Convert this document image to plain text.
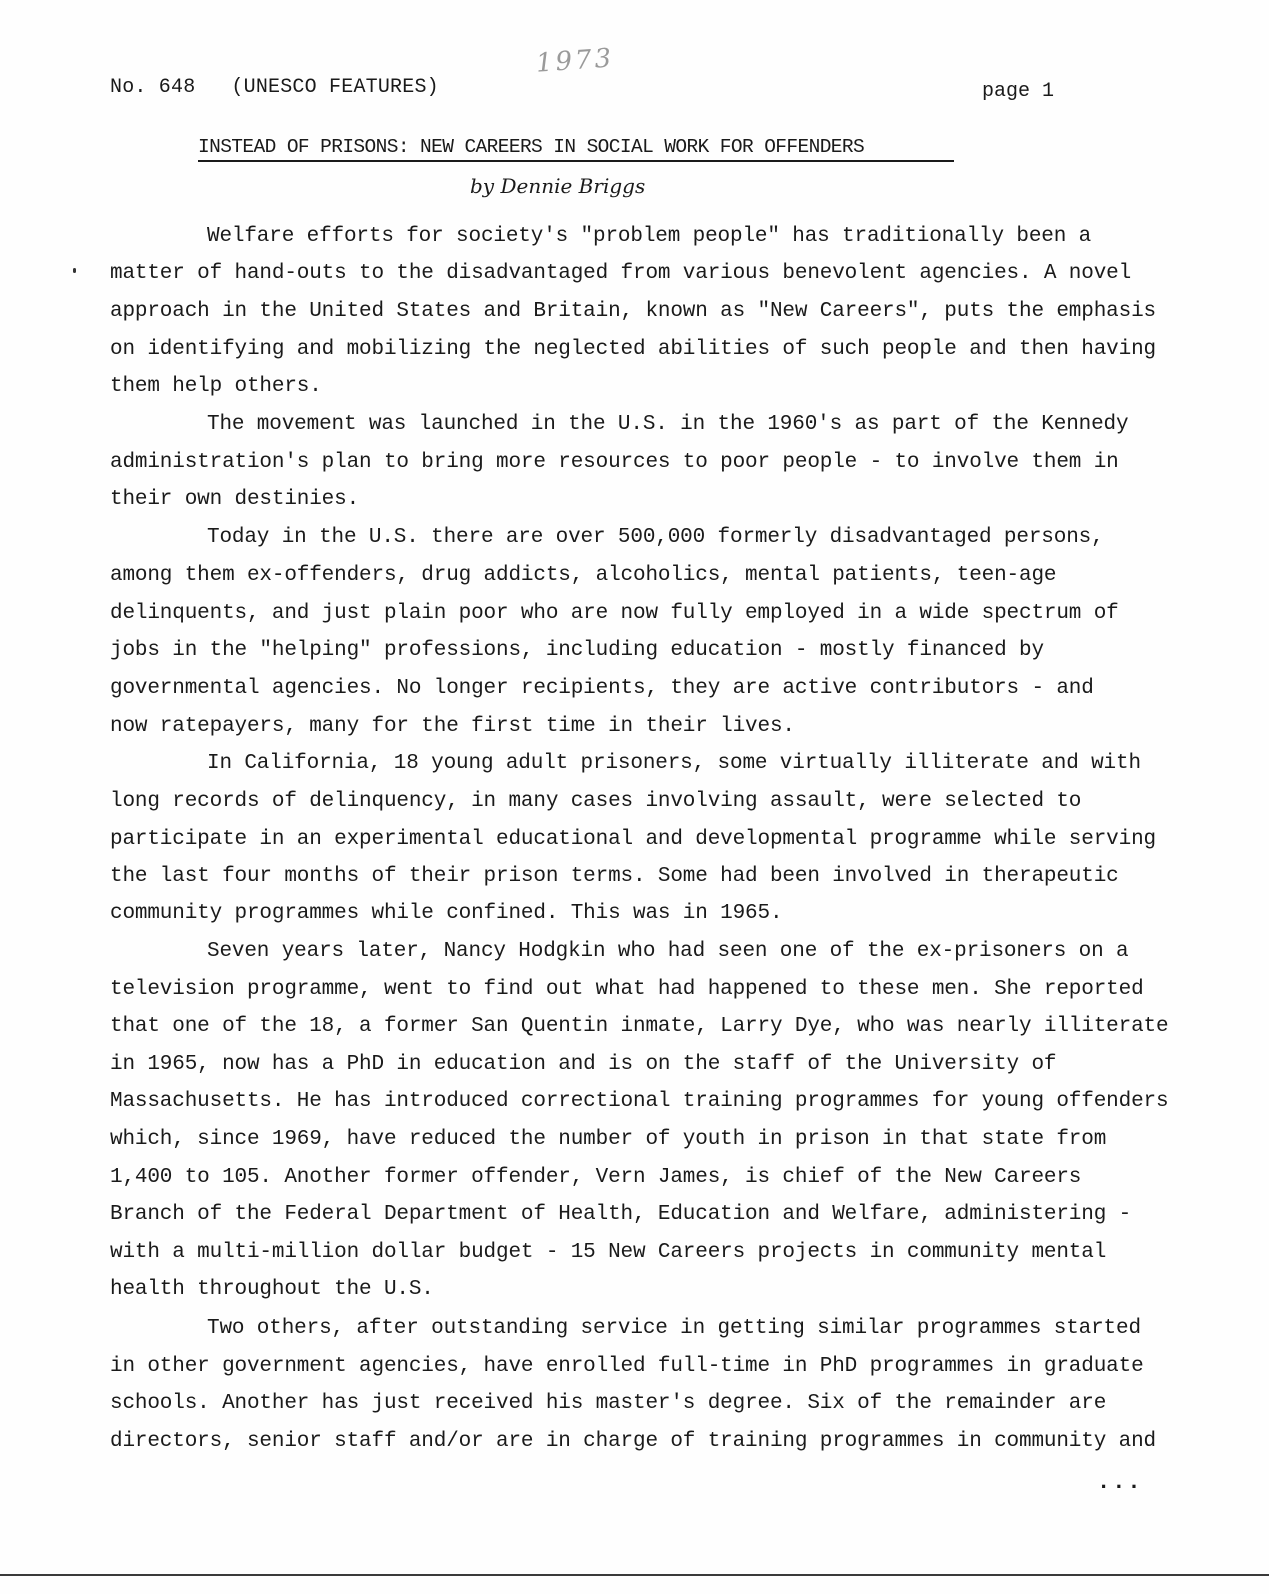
No. 648 (UNESCO FEATURES)
1973
page 1
INSTEAD OF PRISONS: NEW CAREERS IN SOCIAL WORK FOR OFFENDERS
by Dennie Briggs
Welfare efforts for society's "problem people" has traditionally been a
matter of hand-outs to the disadvantaged from various benevolent agencies. A novel
approach in the United States and Britain, known as "New Careers", puts the emphasis
on identifying and mobilizing the neglected abilities of such people and then having
them help others.
The movement was launched in the U.S. in the 1960's as part of the Kennedy
administration's plan to bring more resources to poor people - to involve them in
their own destinies.
Today in the U.S. there are over 500,000 formerly disadvantaged persons,
among them ex-offenders, drug addicts, alcoholics, mental patients, teen-age
delinquents, and just plain poor who are now fully employed in a wide spectrum of
jobs in the "helping" professions, including education - mostly financed by
governmental agencies. No longer recipients, they are active contributors - and
now ratepayers, many for the first time in their lives.
In California, 18 young adult prisoners, some virtually illiterate and with
long records of delinquency, in many cases involving assault, were selected to
participate in an experimental educational and developmental programme while serving
the last four months of their prison terms. Some had been involved in therapeutic
community programmes while confined. This was in 1965.
Seven years later, Nancy Hodgkin who had seen one of the ex-prisoners on a
television programme, went to find out what had happened to these men. She reported
that one of the 18, a former San Quentin inmate, Larry Dye, who was nearly illiterate
in 1965, now has a PhD in education and is on the staff of the University of
Massachusetts. He has introduced correctional training programmes for young offenders
which, since 1969, have reduced the number of youth in prison in that state from
1,400 to 105. Another former offender, Vern James, is chief of the New Careers
Branch of the Federal Department of Health, Education and Welfare, administering -
with a multi-million dollar budget - 15 New Careers projects in community mental
health throughout the U.S.
Two others, after outstanding service in getting similar programmes started
in other government agencies, have enrolled full-time in PhD programmes in graduate
schools. Another has just received his master's degree. Six of the remainder are
directors, senior staff and/or are in charge of training programmes in community and
...
